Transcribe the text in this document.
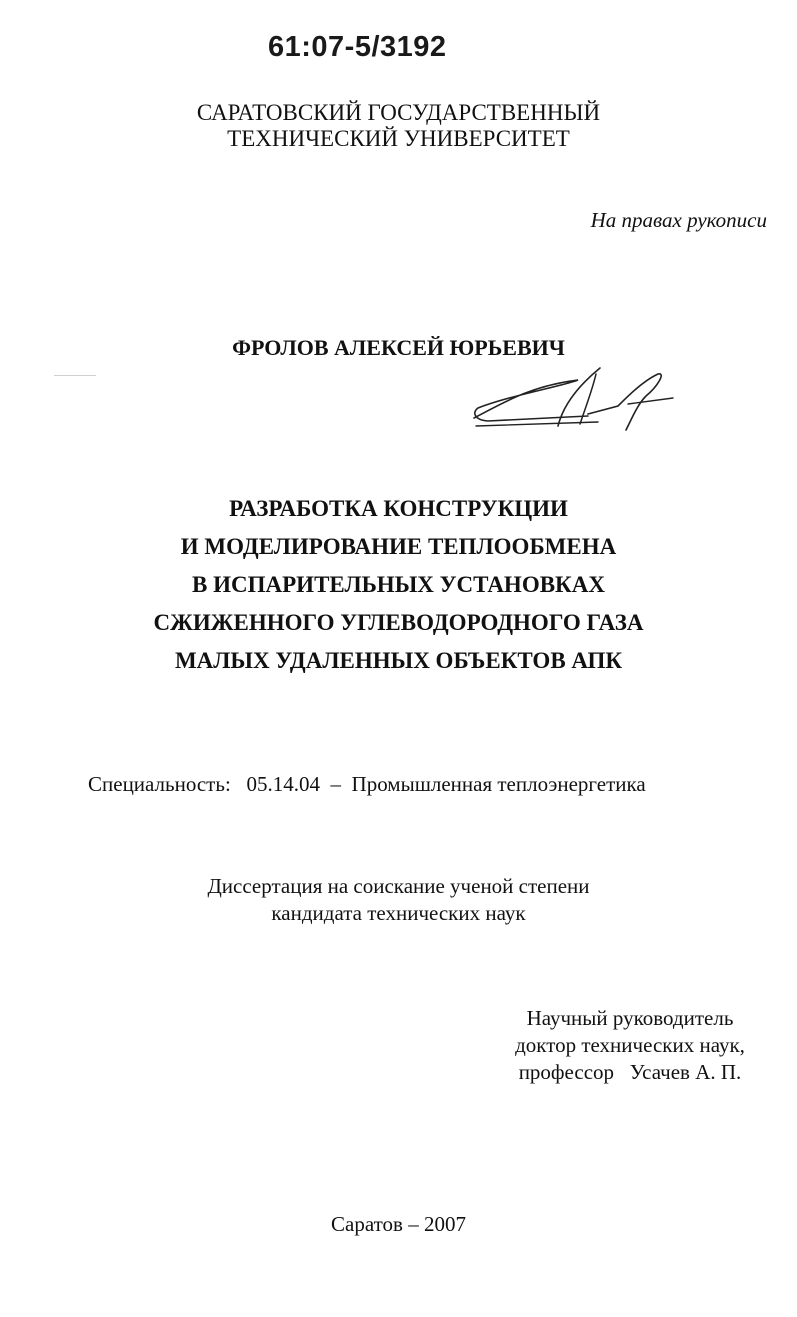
61:07-5/3192
САРАТОВСКИЙ ГОСУДАРСТВЕННЫЙ
ТЕХНИЧЕСКИЙ УНИВЕРСИТЕТ
На правах рукописи
ФРОЛОВ АЛЕКСЕЙ ЮРЬЕВИЧ
РАЗРАБОТКА КОНСТРУКЦИИ
И МОДЕЛИРОВАНИЕ ТЕПЛООБМЕНА
В ИСПАРИТЕЛЬНЫХ УСТАНОВКАХ
СЖИЖЕННОГО УГЛЕВОДОРОДНОГО ГАЗА
МАЛЫХ УДАЛЕННЫХ ОБЪЕКТОВ АПК
Специальность:   05.14.04  –  Промышленная теплоэнергетика
Диссертация на соискание ученой степени
кандидата технических наук
Научный руководитель
доктор технических наук,
профессор   Усачев А. П.
Саратов – 2007
